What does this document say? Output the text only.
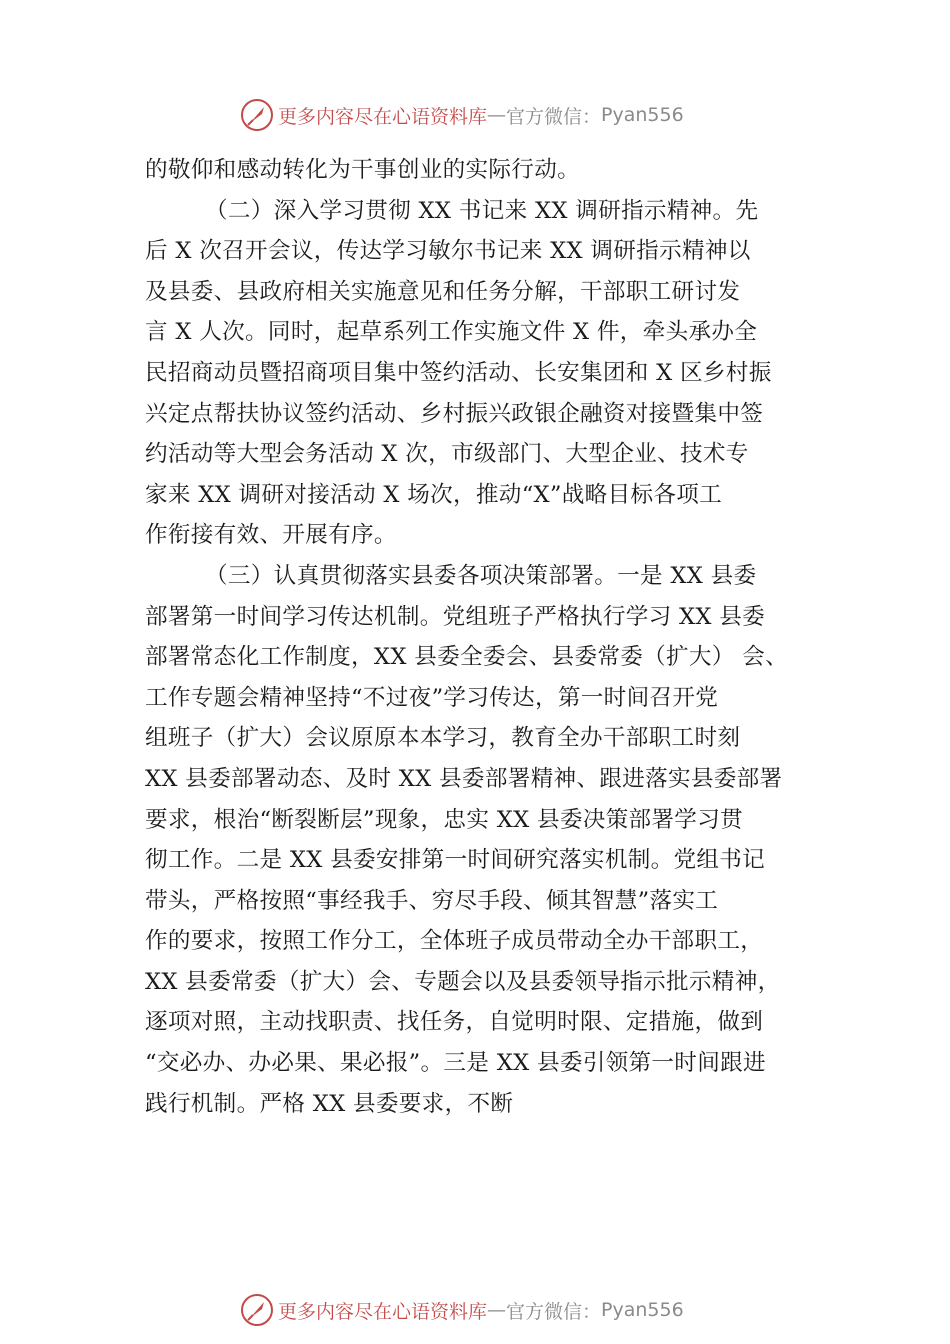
更多内容尽在心语资料库 — 官方微信： Pyan556

的敬仰和感动转化为干事创业的实际行动。

（二）深入学习贯彻 XX 书记来 XX 调研指示精神。先

后 X 次召开会议，传达学习敏尔书记来 XX 调研指示精神以

及县委、县政府相关实施意见和任务分解，干部职工研讨发

言 X 人次。同时，起草系列工作实施文件 X 件，牵头承办全

民招商动员暨招商项目集中签约活动、长安集团和 X 区乡村振

兴定点帮扶协议签约活动、乡村振兴政银企融资对接暨集中签

约活动等大型会务活动 X 次，市级部门、大型企业、技术专

家来 XX 调研对接活动 X 场次，推动“X”战略目标各项工

作衔接有效、开展有序。

（三）认真贯彻落实县委各项决策部署。一是 XX 县委

部署第一时间学习传达机制。党组班子严格执行学习 XX 县委

部署常态化工作制度，XX 县委全委会、县委常委（扩大） 会、

工作专题会精神坚持“不过夜”学习传达，第一时间召开党

组班子（扩大）会议原原本本学习，教育全办干部职工时刻

XX 县委部署动态、及时 XX 县委部署精神、跟进落实县委部署

要求，根治“断裂断层”现象，忠实 XX 县委决策部署学习贯

彻工作。二是 XX 县委安排第一时间研究落实机制。党组书记

带头，严格按照“事经我手、穷尽手段、倾其智慧”落实工

作的要求，按照工作分工，全体班子成员带动全办干部职工，

XX 县委常委（扩大）会、专题会以及县委领导指示批示精神，

逐项对照，主动找职责、找任务，自觉明时限、定措施，做到

“交必办、办必果、果必报”。三是 XX 县委引领第一时间跟进

践行机制。严格 XX 县委要求，不断

更多内容尽在心语资料库 — 官方微信： Pyan556
